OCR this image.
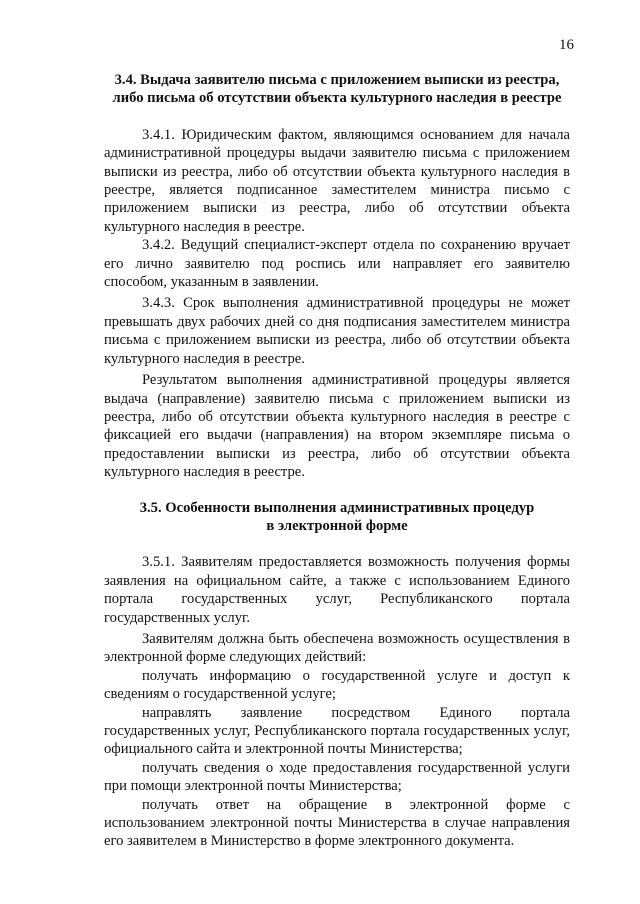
16

3.4. Выдача заявителю письма с приложением выписки из реестра, либо письма об отсутствии объекта культурного наследия в реестре

3.4.1. Юридическим фактом, являющимся основанием для начала административной процедуры выдачи заявителю письма с приложением выписки из реестра, либо об отсутствии объекта культурного наследия в реестре, является подписанное заместителем министра письмо с приложением выписки из реестра, либо об отсутствии объекта культурного наследия в реестре.

3.4.2. Ведущий специалист-эксперт отдела по сохранению вручает его лично заявителю под роспись или направляет его заявителю способом, указанным в заявлении.

3.4.3. Срок выполнения административной процедуры не может превышать двух рабочих дней со дня подписания заместителем министра письма с приложением выписки из реестра, либо об отсутствии объекта культурного наследия в реестре.

Результатом выполнения административной процедуры является выдача (направление) заявителю письма с приложением выписки из реестра, либо об отсутствии объекта культурного наследия в реестре с фиксацией его выдачи (направления) на втором экземпляре письма о предоставлении выписки из реестра, либо об отсутствии объекта культурного наследия в реестре.

3.5. Особенности выполнения административных процедур
в электронной форме

3.5.1. Заявителям предоставляется возможность получения формы заявления на официальном сайте, а также с использованием Единого портала государственных услуг, Республиканского портала государственных услуг.

Заявителям должна быть обеспечена возможность осуществления в электронной форме следующих действий:

получать информацию о государственной услуге и доступ к сведениям о государственной услуге;

направлять заявление посредством Единого портала государственных услуг, Республиканского портала государственных услуг, официального сайта и электронной почты Министерства;

получать сведения о ходе предоставления государственной услуги при помощи электронной почты Министерства;

получать ответ на обращение в электронной форме с использованием электронной почты Министерства в случае направления его заявителем в Министерство в форме электронного документа.
